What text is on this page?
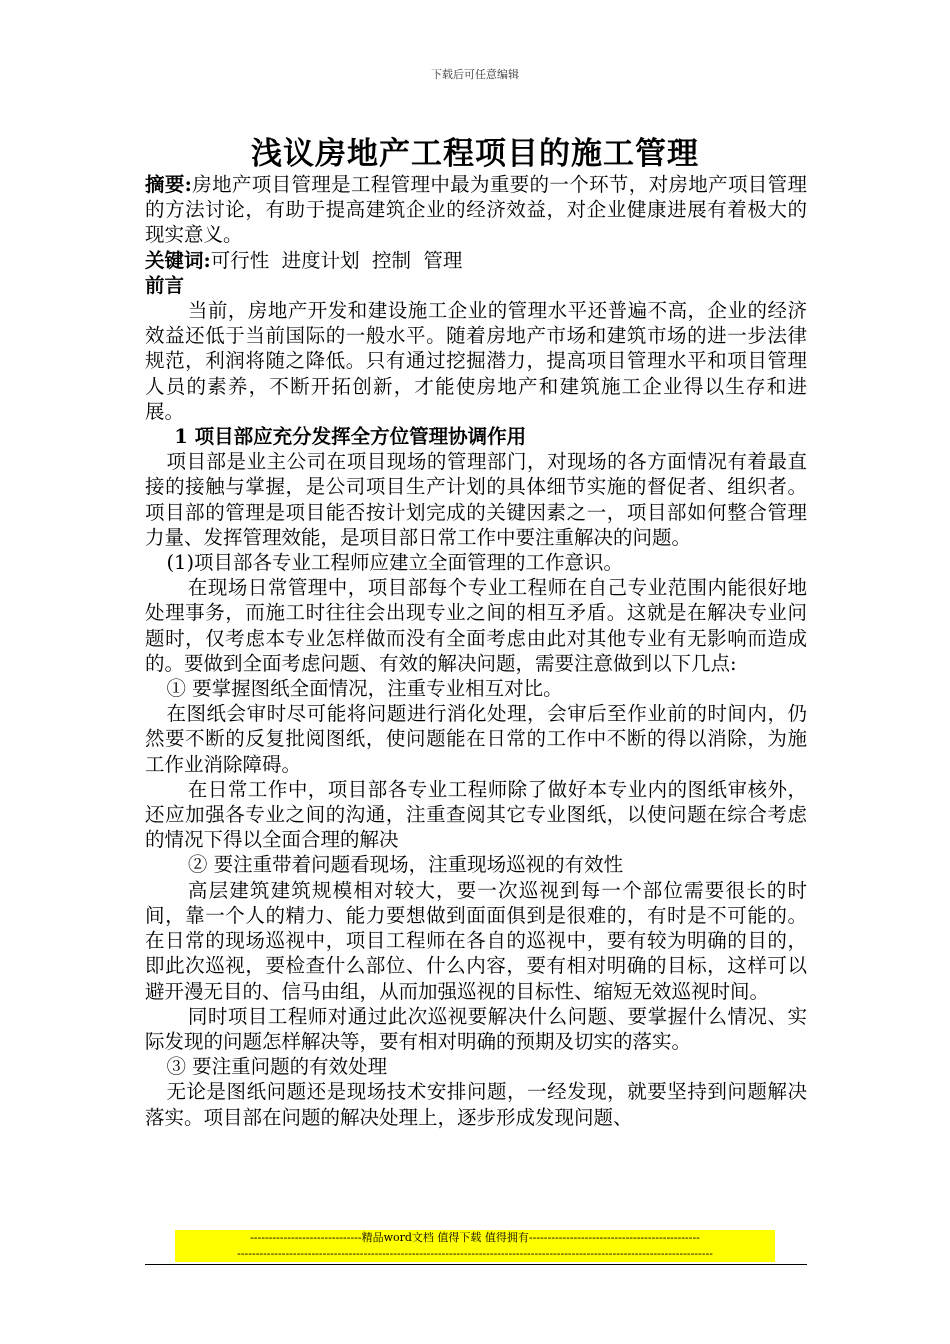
下载后可任意编辑
浅议房地产工程项目的施工管理

摘要:房地产项目管理是工程管理中最为重要的一个环节，对房地产项目管理的方法讨论，有助于提高建筑企业的经济效益，对企业健康进展有着极大的现实意义。

关键词:可行性  进度计划  控制  管理

前言

当前，房地产开发和建设施工企业的管理水平还普遍不高，企业的经济效益还低于当前国际的一般水平。随着房地产市场和建筑市场的进一步法律规范，利润将随之降低。只有通过挖掘潜力，提高项目管理水平和项目管理人员的素养，不断开拓创新，才能使房地产和建筑施工企业得以生存和进展。

1 项目部应充分发挥全方位管理协调作用

项目部是业主公司在项目现场的管理部门，对现场的各方面情况有着最直接的接触与掌握，是公司项目生产计划的具体细节实施的督促者、组织者。项目部的管理是项目能否按计划完成的关键因素之一，项目部如何整合管理力量、发挥管理效能，是项目部日常工作中要注重解决的问题。

(1)项目部各专业工程师应建立全面管理的工作意识。

在现场日常管理中，项目部每个专业工程师在自己专业范围内能很好地处理事务，而施工时往往会出现专业之间的相互矛盾。这就是在解决专业问题时，仅考虑本专业怎样做而没有全面考虑由此对其他专业有无影响而造成的。要做到全面考虑问题、有效的解决问题，需要注意做到以下几点:

① 要掌握图纸全面情况，注重专业相互对比。

在图纸会审时尽可能将问题进行消化处理，会审后至作业前的时间内，仍然要不断的反复批阅图纸，使问题能在日常的工作中不断的得以消除，为施工作业消除障碍。

在日常工作中，项目部各专业工程师除了做好本专业内的图纸审核外，还应加强各专业之间的沟通，注重查阅其它专业图纸，以使问题在综合考虑的情况下得以全面合理的解决

② 要注重带着问题看现场，注重现场巡视的有效性

高层建筑建筑规模相对较大，要一次巡视到每一个部位需要很长的时间，靠一个人的精力、能力要想做到面面俱到是很难的，有时是不可能的。在日常的现场巡视中，项目工程师在各自的巡视中，要有较为明确的目的，即此次巡视，要检查什么部位、什么内容，要有相对明确的目标，这样可以避开漫无目的、信马由组，从而加强巡视的目标性、缩短无效巡视时间。

同时项目工程师对通过此次巡视要解决什么问题、要掌握什么情况、实际发现的问题怎样解决等，要有相对明确的预期及切实的落实。

③ 要注重问题的有效处理

无论是图纸问题还是现场技术安排问题，一经发现，就要坚持到问题解决落实。项目部在问题的解决处理上，逐步形成发现问题、

------------------------------精品word文档 值得下载 值得拥有----------------------------------------------
--------------------------------------------------------------------------------------------------------------------------------
